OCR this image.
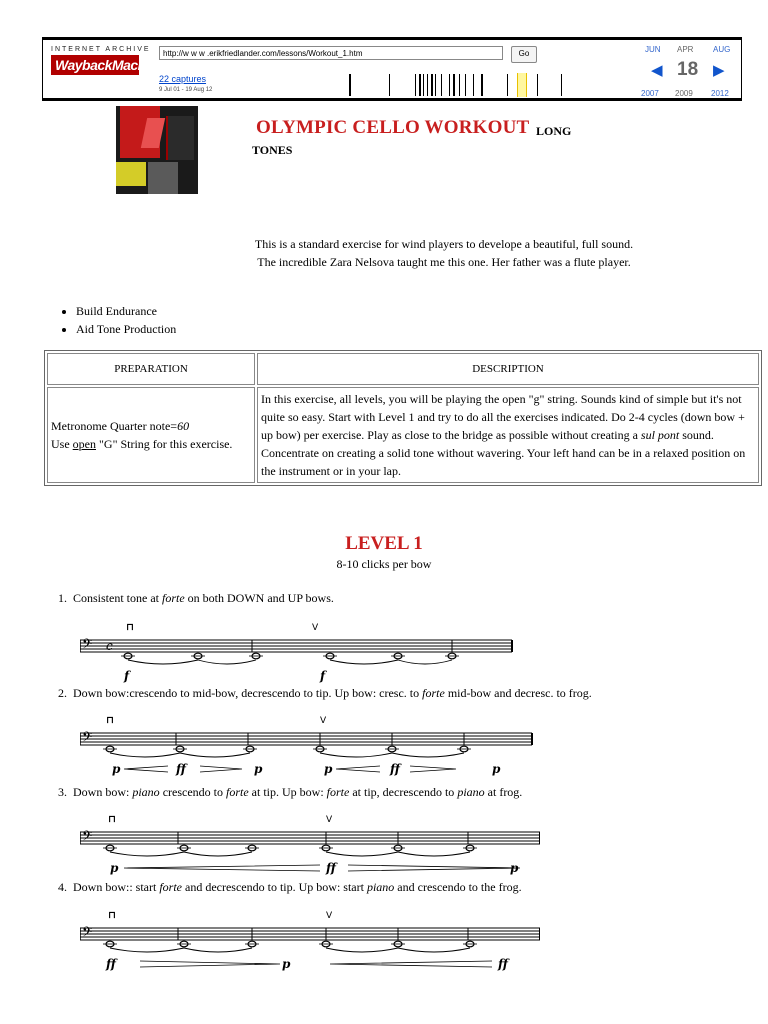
INTERNET ARCHIVE
WaybackMachine
http://w w w .erikfriedlander.com/lessons/Workout_1.htm	Go
22 captures
9 Jul 01 - 19 Aug 12
JUN APR AUG
◀ 18 ▶
2007 2009 2012
OLYMPIC CELLO WORKOUT LONG
TONES
This is a standard exercise for wind players to develope a beautiful, full sound. The incredible Zara Nelsova taught me this one. Her father was a flute player.
• Build Endurance
• Aid Tone Production
PREPARATION	DESCRIPTION
Metronome Quarter note=60
Use open "G" String for this exercise.	In this exercise, all levels, you will be playing the open "g" string. Sounds kind of simple but it's not quite so easy. Start with Level 1 and try to do all the exercises indicated. Do 2-4 cycles (down bow + up bow) per exercise. Play as close to the bridge as possible without creating a sul pont sound. Concentrate on creating a solid tone without wavering. Your left hand can be in a relaxed position on the instrument or in your lap.
LEVEL 1
8-10 clicks per bow
1.  Consistent tone at forte on both DOWN and UP bows.
𝄢 c
⊓	V
f	f
2.  Down bow:crescendo to mid-bow, decrescendo to tip. Up bow: cresc. to forte mid-bow and decresc. to frog.
𝄢
⊓	V
p	ff	p	p	ff	p
3.  Down bow: piano crescendo to forte at tip. Up bow: forte at tip, decrescendo to piano at frog.
𝄢
⊓	V
p	ff	p
4.  Down bow:: start forte and decrescendo to tip. Up bow: start piano and crescendo to the frog.
𝄢
⊓	V
ff	p	ff
